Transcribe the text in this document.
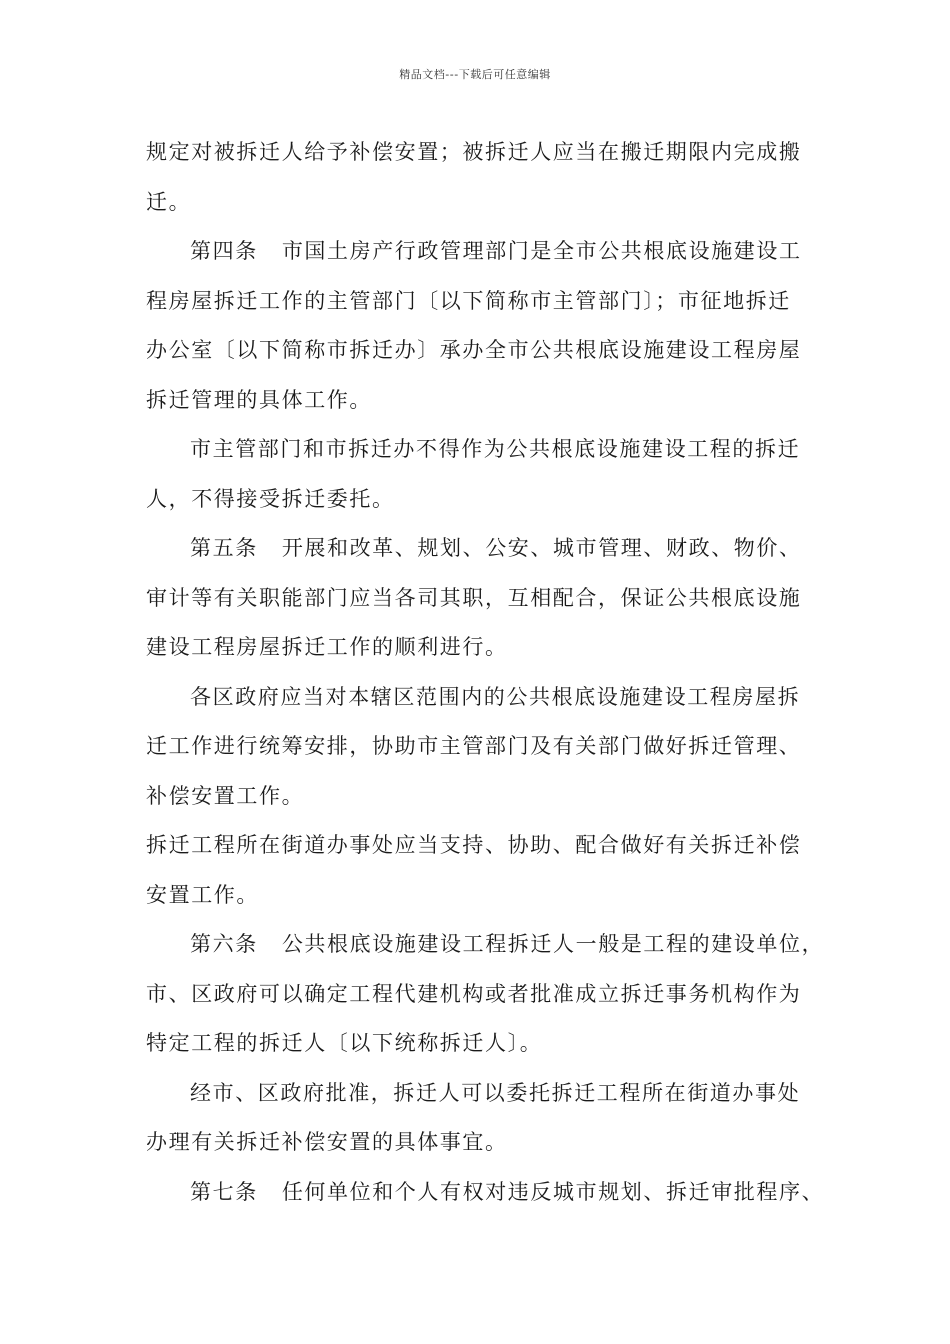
精品文档---下载后可任意编辑
规定对被拆迁人给予补偿安置；被拆迁人应当在搬迁期限内完成搬
迁。
第四条 市国土房产行政管理部门是全市公共根底设施建设工
程房屋拆迁工作的主管部门〔以下简称市主管部门〕；市征地拆迁
办公室〔以下简称市拆迁办〕承办全市公共根底设施建设工程房屋
拆迁管理的具体工作。
市主管部门和市拆迁办不得作为公共根底设施建设工程的拆迁
人，不得接受拆迁委托。
第五条 开展和改革、规划、公安、城市管理、财政、物价、
审计等有关职能部门应当各司其职，互相配合，保证公共根底设施
建设工程房屋拆迁工作的顺利进行。
各区政府应当对本辖区范围内的公共根底设施建设工程房屋拆
迁工作进行统筹安排，协助市主管部门及有关部门做好拆迁管理、
补偿安置工作。
拆迁工程所在街道办事处应当支持、协助、配合做好有关拆迁补偿
安置工作。
第六条 公共根底设施建设工程拆迁人一般是工程的建设单位，
市、区政府可以确定工程代建机构或者批准成立拆迁事务机构作为
特定工程的拆迁人〔以下统称拆迁人〕。
经市、区政府批准，拆迁人可以委托拆迁工程所在街道办事处
办理有关拆迁补偿安置的具体事宜。
第七条 任何单位和个人有权对违反城市规划、拆迁审批程序、
